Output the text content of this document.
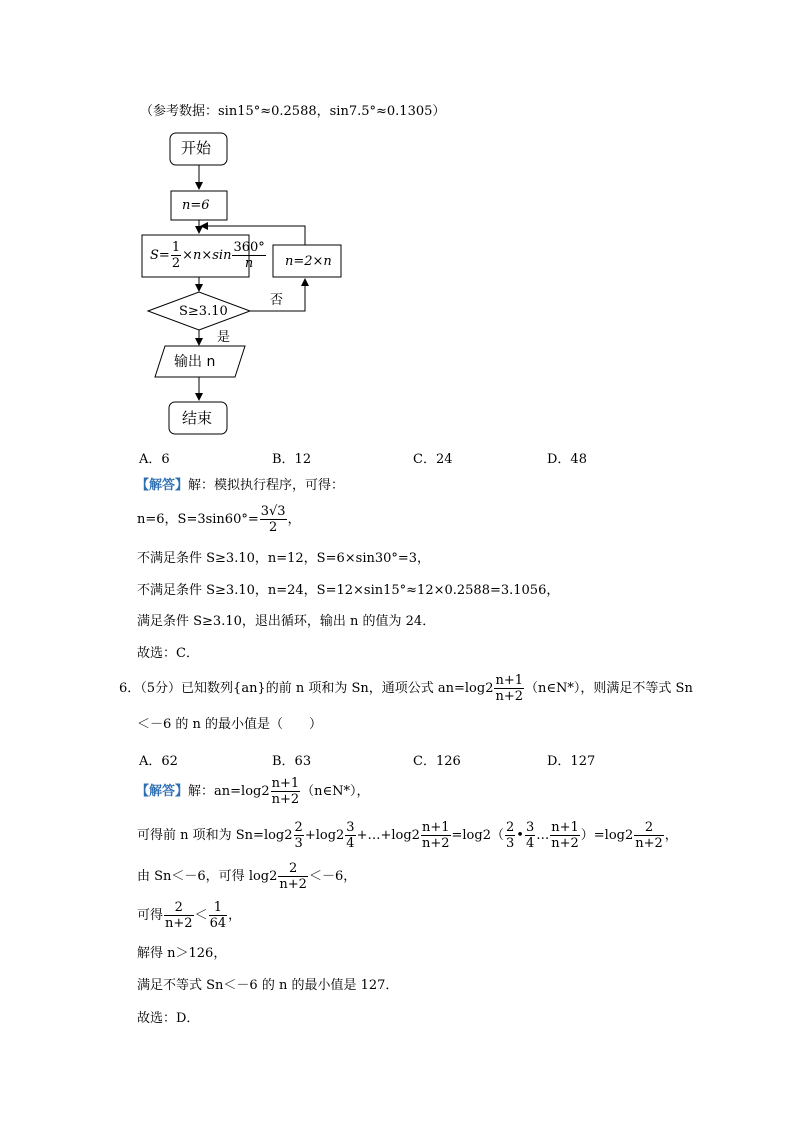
（参考数据：sin15°≈0.2588，sin7.5°≈0.1305）
开始
n=6
n=2×n
$S= \frac{1}{2} \times n\times\sin \frac{360^\circ}{n}$
S≥3.10
否
是
输出 n
结束
A．6	B．12	C．24	D．48
【解答】解：模拟执行程序，可得：
n=6，$S=3\sin 60^\circ= \frac{3√3}{2}$ ，
不满足条件 S≥3.10，n=12，S=6×sin30°=3，
不满足条件 S≥3.10，n=24，S=12×sin15°≈12×0.2588=3.1056，
满足条件 S≥3.10，退出循环，输出 n 的值为 24．
故选：C．
6．（5分）已知数列{an}的前 n 项和为 Sn，通项公式 $an=\log 2 \frac{n+1}{n+2}$ （n∈N*），则满足不等式 Sn
＜－6 的 n 的最小值是（　　）
A．62	B．63	C．126	D．127
【解答】解：$an=\log 2 \frac{n+1}{n+2}$ （n∈N*），
可得前 n 项和为 $Sn=\log 2 \frac{2}{3} +\log 2 \frac{3}{4}$ +…+log2 $\frac{n+1}{n+2} =\log 2( \frac{2}{3}$ • $\frac{3}{4}$ … $\frac{n+1}{n+2} )=\log 2 \frac{2}{n+2}$ ，
由 Sn＜－6，可得 $\log 2 \frac{2}{n+2} <-6$，
可得 $\frac{2}{n+2} < \frac{1}{64}$ ，
解得 n＞126，
满足不等式 Sn＜－6 的 n 的最小值是 127．
故选：D．
